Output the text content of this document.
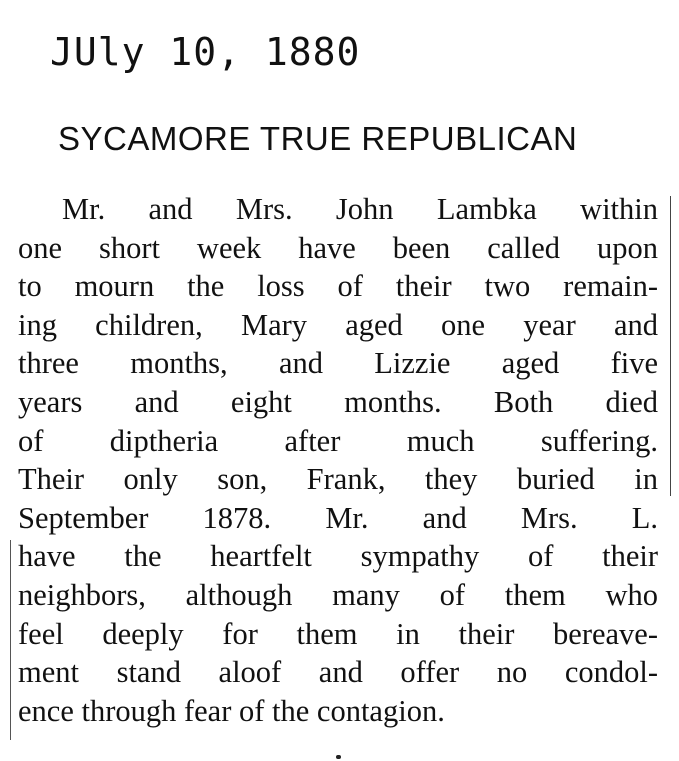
JUly 10, 1880
SYCAMORE TRUE REPUBLICAN
Mr. and Mrs. John Lambka within
one short week have been called upon
to mourn the loss of their two remain-
ing children, Mary aged one year and
three months, and Lizzie aged five
years and eight months. Both died
of diptheria after much suffering.
Their only son, Frank, they buried in
September 1878. Mr. and Mrs. L.
have the heartfelt sympathy of their
neighbors, although many of them who
feel deeply for them in their bereave-
ment stand aloof and offer no condol-
ence through fear of the contagion.
